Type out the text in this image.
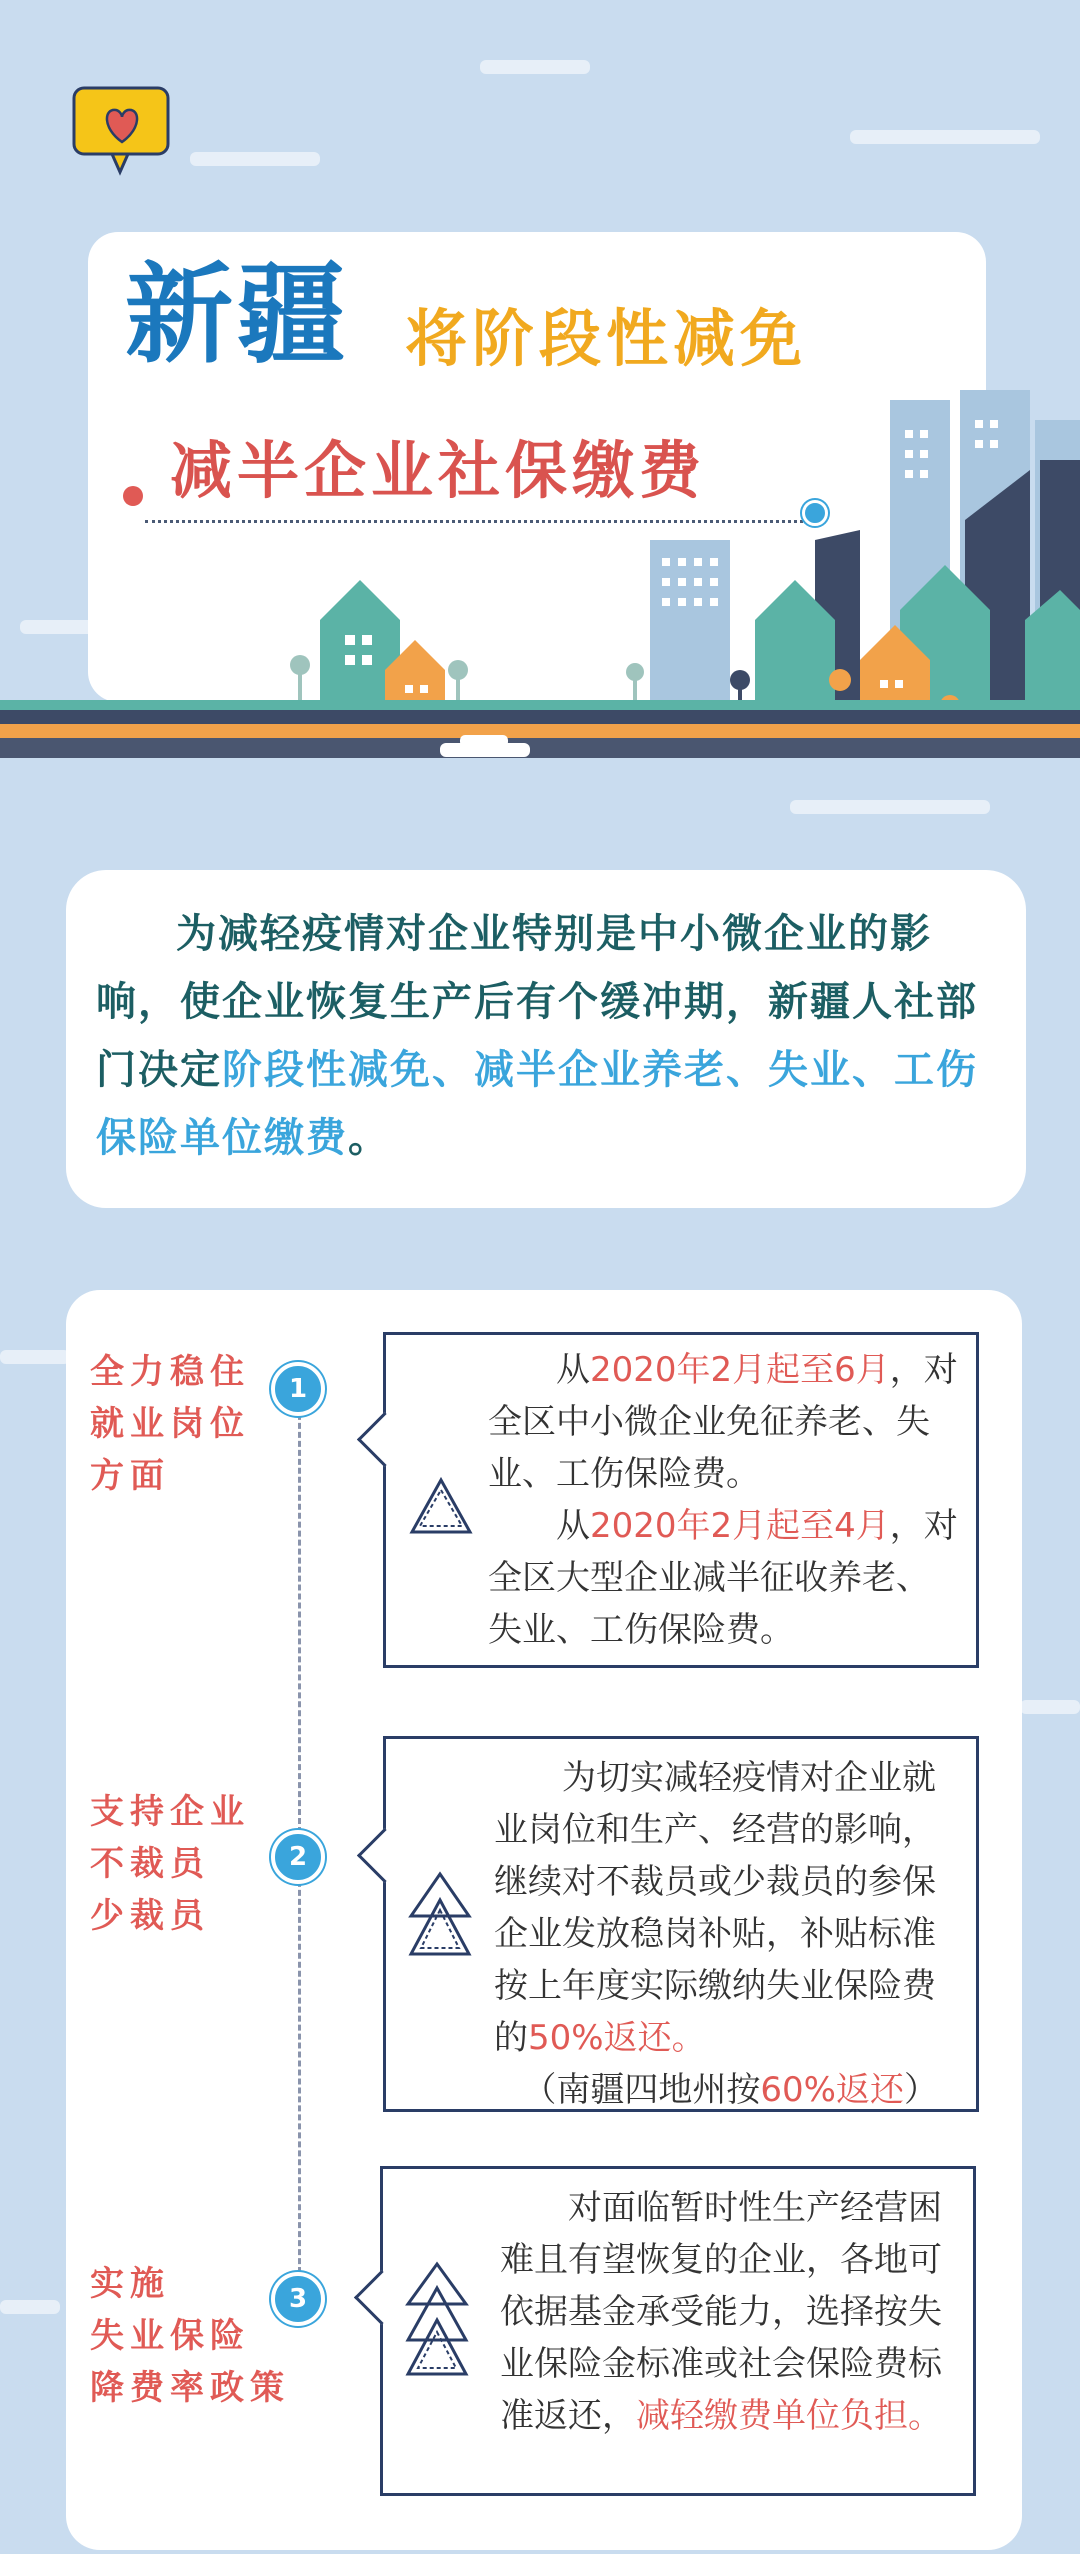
新疆 将阶段性减免
减半企业社保缴费
为减轻疫情对企业特别是中小微企业的影响，使企业恢复生产后有个缓冲期，新疆人社部门决定阶段性减免、减半企业养老、失业、工伤保险单位缴费。
1
全力稳住
就业岗位
方面

从2020年2月起至6月，对全区中小微企业免征养老、失业、工伤保险费。

从2020年2月起至4月，对全区大型企业减半征收养老、失业、工伤保险费。

2
支持企业
不裁员
少裁员

为切实减轻疫情对企业就业岗位和生产、经营的影响，继续对不裁员或少裁员的参保企业发放稳岗补贴，补贴标准按上年度实际缴纳失业保险费的50%返还。

（南疆四地州按60%返还）
3
实施
失业保险
降费率政策

对面临暂时性生产经营困难且有望恢复的企业，各地可依据基金承受能力，选择按失业保险金标准或社会保险费标准返还，减轻缴费单位负担。
